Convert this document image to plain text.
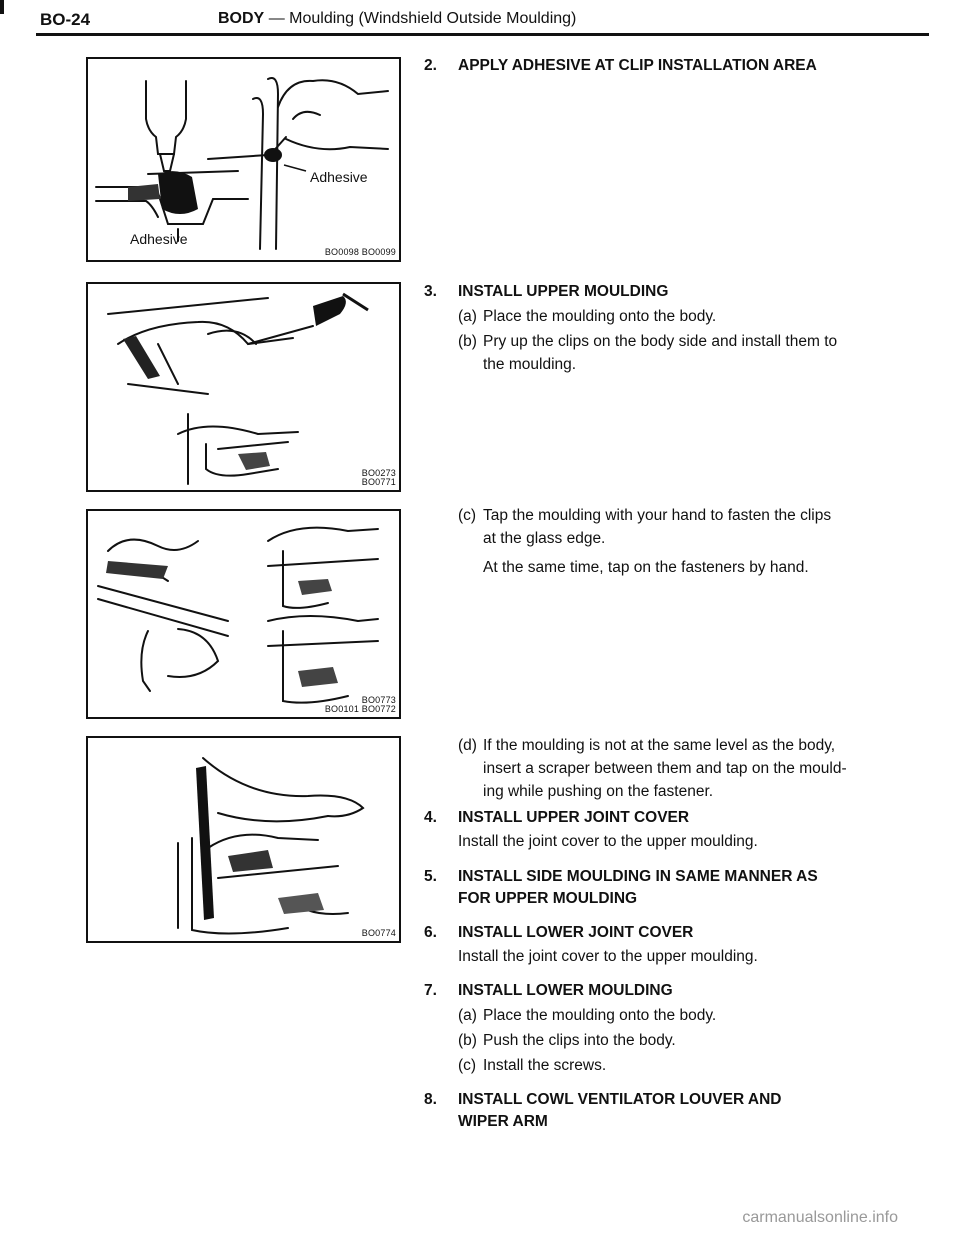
BO-24	BODY — Moulding (Windshield Outside Moulding)
Adhesive
Adhesive
BO0098 BO0099
BO0273
BO0771
BO0773
BO0101 BO0772
BO0774
2. APPLY ADHESIVE AT CLIP INSTALLATION AREA
3. INSTALL UPPER MOULDING
(a) Place the moulding onto the body.
(b) Pry up the clips on the body side and install them to
the moulding.
(c) Tap the moulding with your hand to fasten the clips
at the glass edge.
At the same time, tap on the fasteners by hand.
(d) If the moulding is not at the same level as the body,
insert a scraper between them and tap on the mould-
ing while pushing on the fastener.
4. INSTALL UPPER JOINT COVER
Install the joint cover to the upper moulding.
5. INSTALL SIDE MOULDING IN SAME MANNER AS
FOR UPPER MOULDING
6. INSTALL LOWER JOINT COVER
Install the joint cover to the upper moulding.
7. INSTALL LOWER MOULDING
(a) Place the moulding onto the body.
(b) Push the clips into the body.
(c) Install the screws.
8. INSTALL COWL VENTILATOR LOUVER AND
WIPER ARM
carmanualsonline.info
